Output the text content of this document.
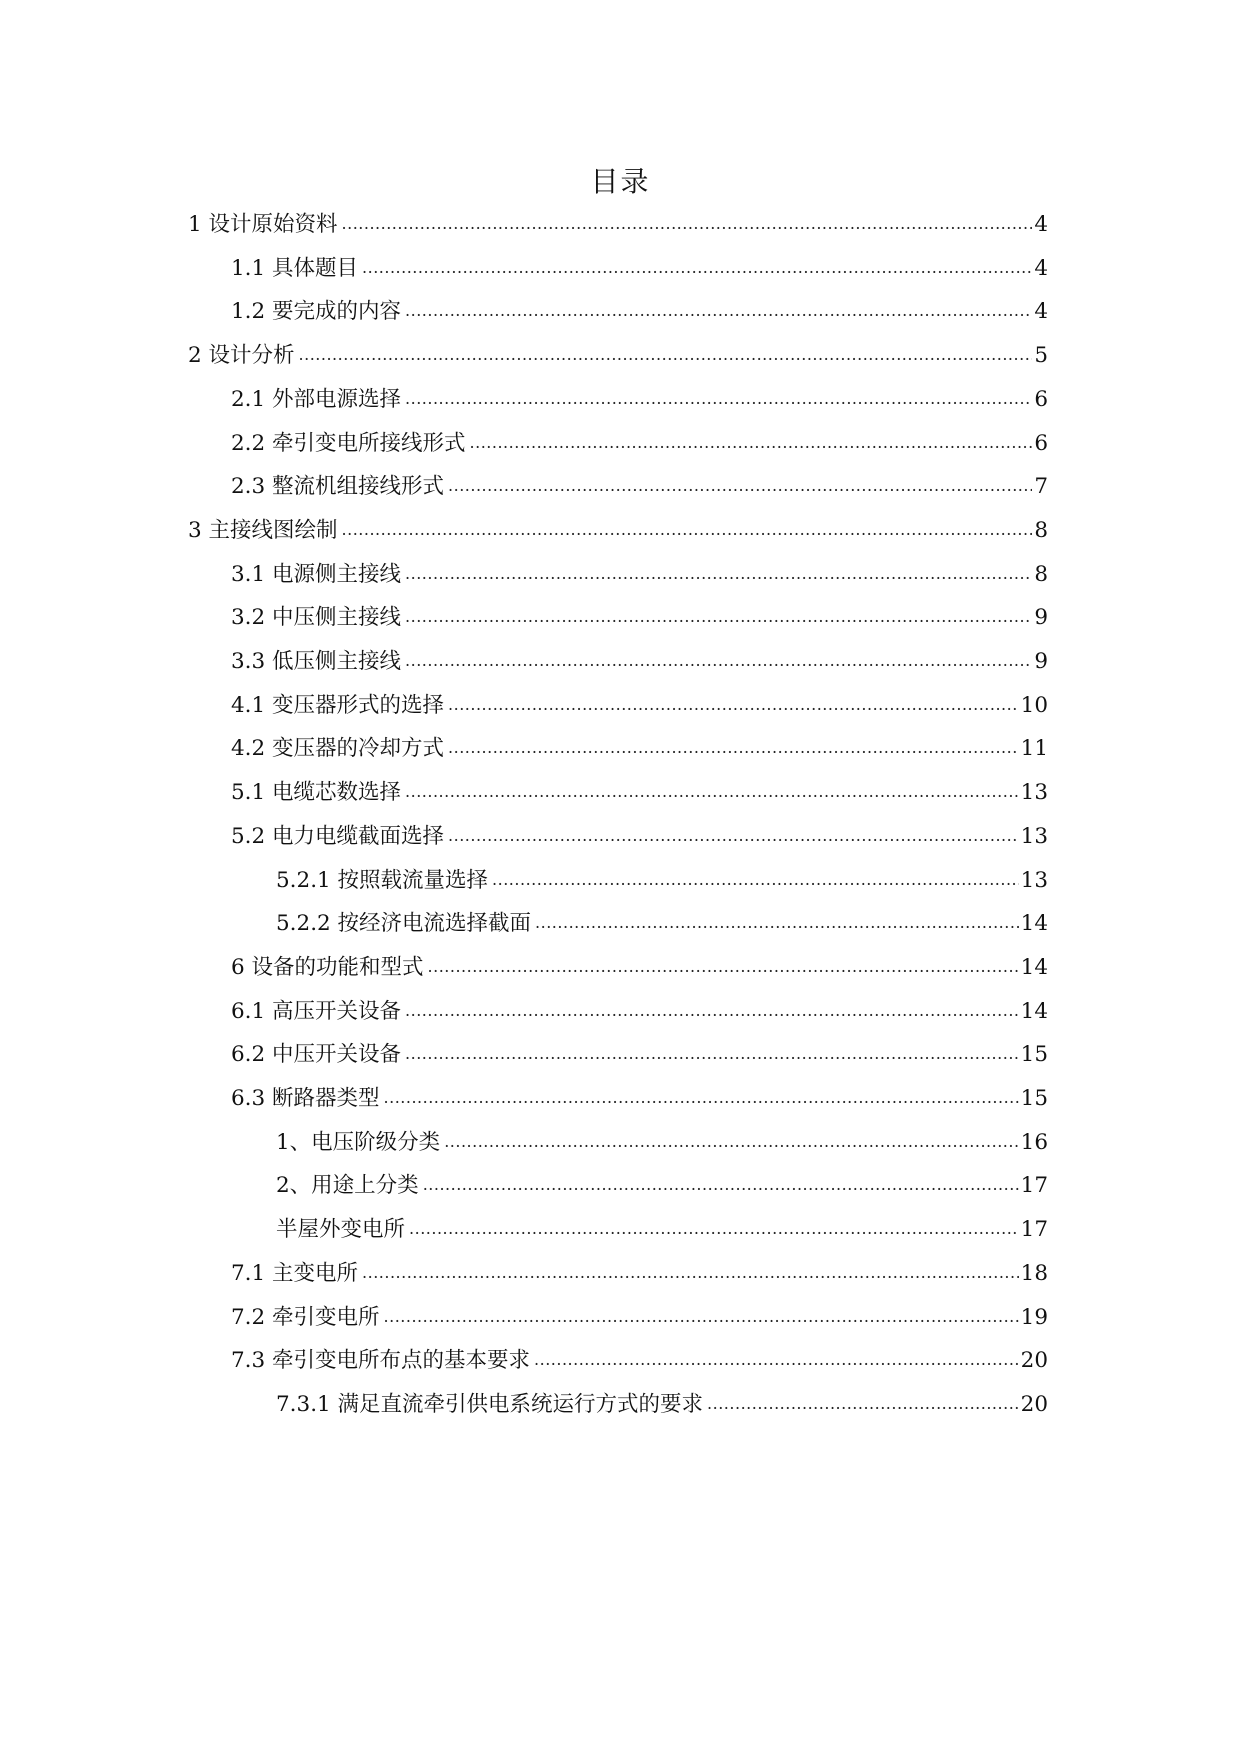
目录
1 设计原始资料 .....	4
1.1 具体题目 .....	4
1.2 要完成的内容 .....	4
2 设计分析 .....	5
2.1 外部电源选择 .....	6
2.2 牵引变电所接线形式 .....	6
2.3 整流机组接线形式 .....	7
3 主接线图绘制 .....	8
3.1 电源侧主接线 .....	8
3.2 中压侧主接线 .....	9
3.3 低压侧主接线 .....	9
4.1 变压器形式的选择 .....	10
4.2 变压器的冷却方式 .....	11
5.1 电缆芯数选择 .....	13
5.2 电力电缆截面选择 .....	13
5.2.1 按照载流量选择 .....	13
5.2.2 按经济电流选择截面 .....	14
6 设备的功能和型式 .....	14
6.1 高压开关设备 .....	14
6.2 中压开关设备 .....	15
6.3 断路器类型 .....	15
1、电压阶级分类 .....	16
2、用途上分类 .....	17
半屋外变电所 .....	17
7.1 主变电所 .....	18
7.2 牵引变电所 .....	19
7.3 牵引变电所布点的基本要求 .....	20
7.3.1 满足直流牵引供电系统运行方式的要求 .....	20
